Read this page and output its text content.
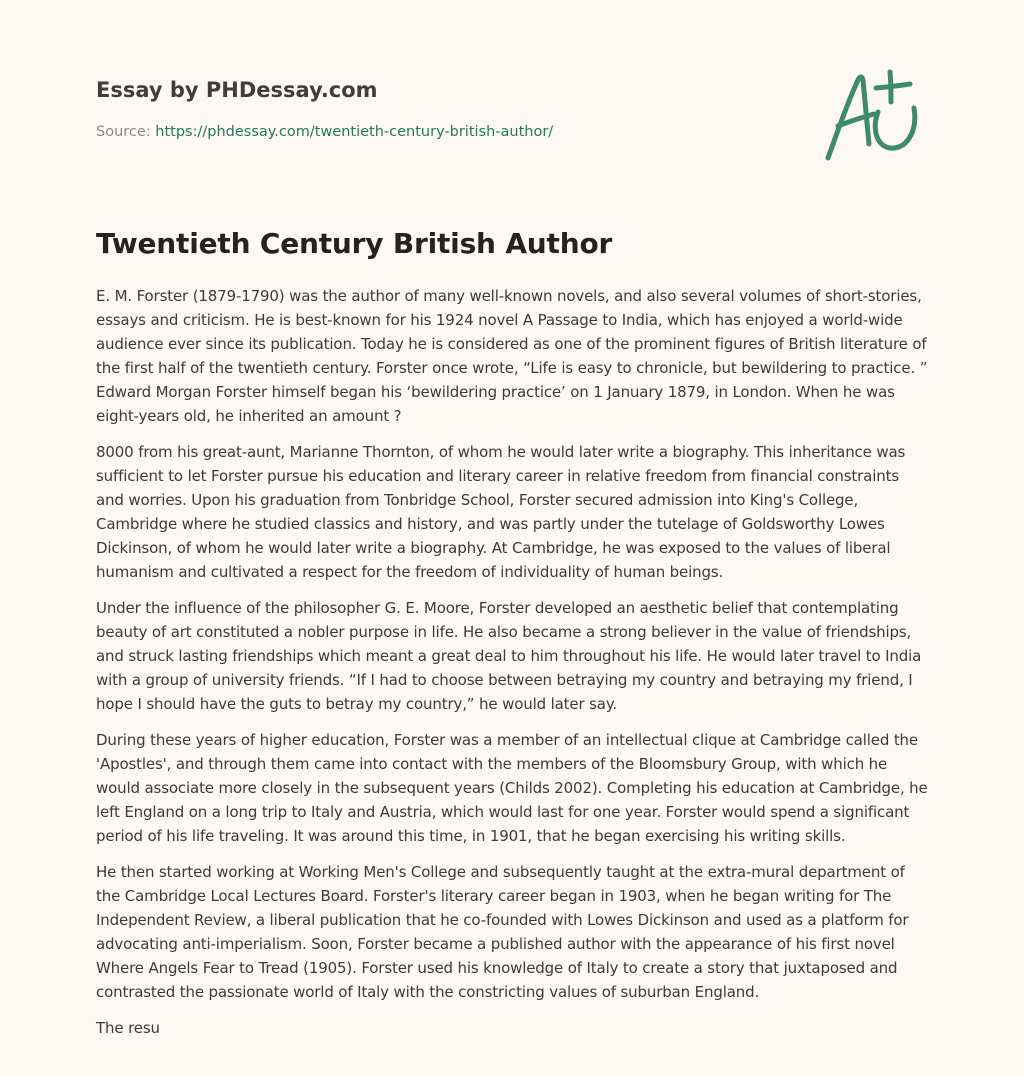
Essay by PHDessay.com
Source: https://phdessay.com/twentieth-century-british-author/
Twentieth Century British Author

E. M. Forster (1879-1790) was the author of many well-known novels, and also several volumes of short-stories, essays and criticism. He is best-known for his 1924 novel A Passage to India, which has enjoyed a world-wide audience ever since its publication. Today he is considered as one of the prominent figures of British literature of the first half of the twentieth century. Forster once wrote, “Life is easy to chronicle, but bewildering to practice. ” Edward Morgan Forster himself began his ‘bewildering practice’ on 1 January 1879, in London. When he was eight-years old, he inherited an amount ?

8000 from his great-aunt, Marianne Thornton, of whom he would later write a biography. This inheritance was sufficient to let Forster pursue his education and literary career in relative freedom from financial constraints and worries. Upon his graduation from Tonbridge School, Forster secured admission into King's College, Cambridge where he studied classics and history, and was partly under the tutelage of Goldsworthy Lowes Dickinson, of whom he would later write a biography. At Cambridge, he was exposed to the values of liberal humanism and cultivated a respect for the freedom of individuality of human beings.

Under the influence of the philosopher G. E. Moore, Forster developed an aesthetic belief that contemplating beauty of art constituted a nobler purpose in life. He also became a strong believer in the value of friendships, and struck lasting friendships which meant a great deal to him throughout his life. He would later travel to India with a group of university friends. “If I had to choose between betraying my country and betraying my friend, I hope I should have the guts to betray my country,” he would later say.

During these years of higher education, Forster was a member of an intellectual clique at Cambridge called the 'Apostles', and through them came into contact with the members of the Bloomsbury Group, with which he would associate more closely in the subsequent years (Childs 2002). Completing his education at Cambridge, he left England on a long trip to Italy and Austria, which would last for one year. Forster would spend a significant period of his life traveling. It was around this time, in 1901, that he began exercising his writing skills.

He then started working at Working Men's College and subsequently taught at the extra-mural department of the Cambridge Local Lectures Board. Forster's literary career began in 1903, when he began writing for The Independent Review, a liberal publication that he co-founded with Lowes Dickinson and used as a platform for advocating anti-imperialism. Soon, Forster became a published author with the appearance of his first novel Where Angels Fear to Tread (1905). Forster used his knowledge of Italy to create a story that juxtaposed and contrasted the passionate world of Italy with the constricting values of suburban England.

The resu
